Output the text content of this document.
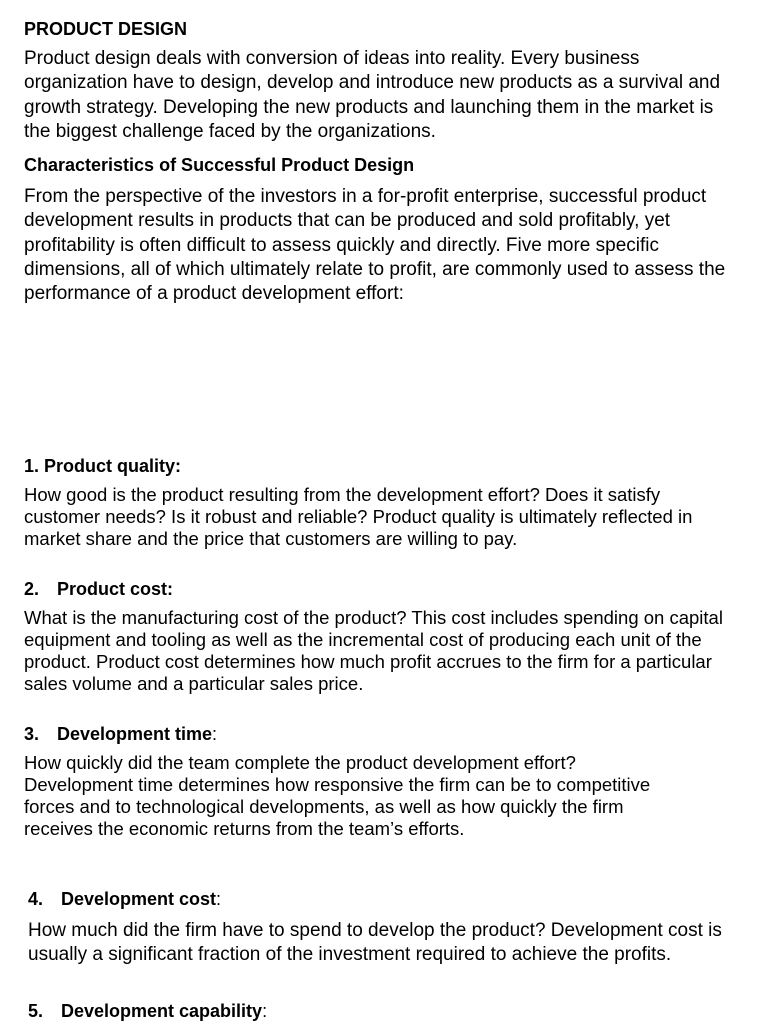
PRODUCT DESIGN

Product design deals with conversion of ideas into reality. Every business organization have to design, develop and introduce new products as a survival and growth strategy. Developing the new products and launching them in the market is the biggest challenge faced by the organizations.

Characteristics of Successful Product Design

From the perspective of the investors in a for-profit enterprise, successful product development results in products that can be produced and sold profitably, yet profitability is often difficult to assess quickly and directly. Five more specific dimensions, all of which ultimately relate to profit, are commonly used to assess the performance of a product development effort:

1. Product quality:

How good is the product resulting from the development effort? Does it satisfy customer needs? Is it robust and reliable? Product quality is ultimately reflected in market share and the price that customers are willing to pay.

2. Product cost:

What is the manufacturing cost of the product? This cost includes spending on capital equipment and tooling as well as the incremental cost of producing each unit of the product. Product cost determines how much profit accrues to the firm for a particular sales volume and a particular sales price.

3. Development time:

How quickly did the team complete the product development effort? Development time determines how responsive the firm can be to competitive forces and to technological developments, as well as how quickly the firm receives the economic returns from the team’s efforts.

4. Development cost:

How much did the firm have to spend to develop the product? Development cost is usually a significant fraction of the investment required to achieve the profits.

5. Development capability:
